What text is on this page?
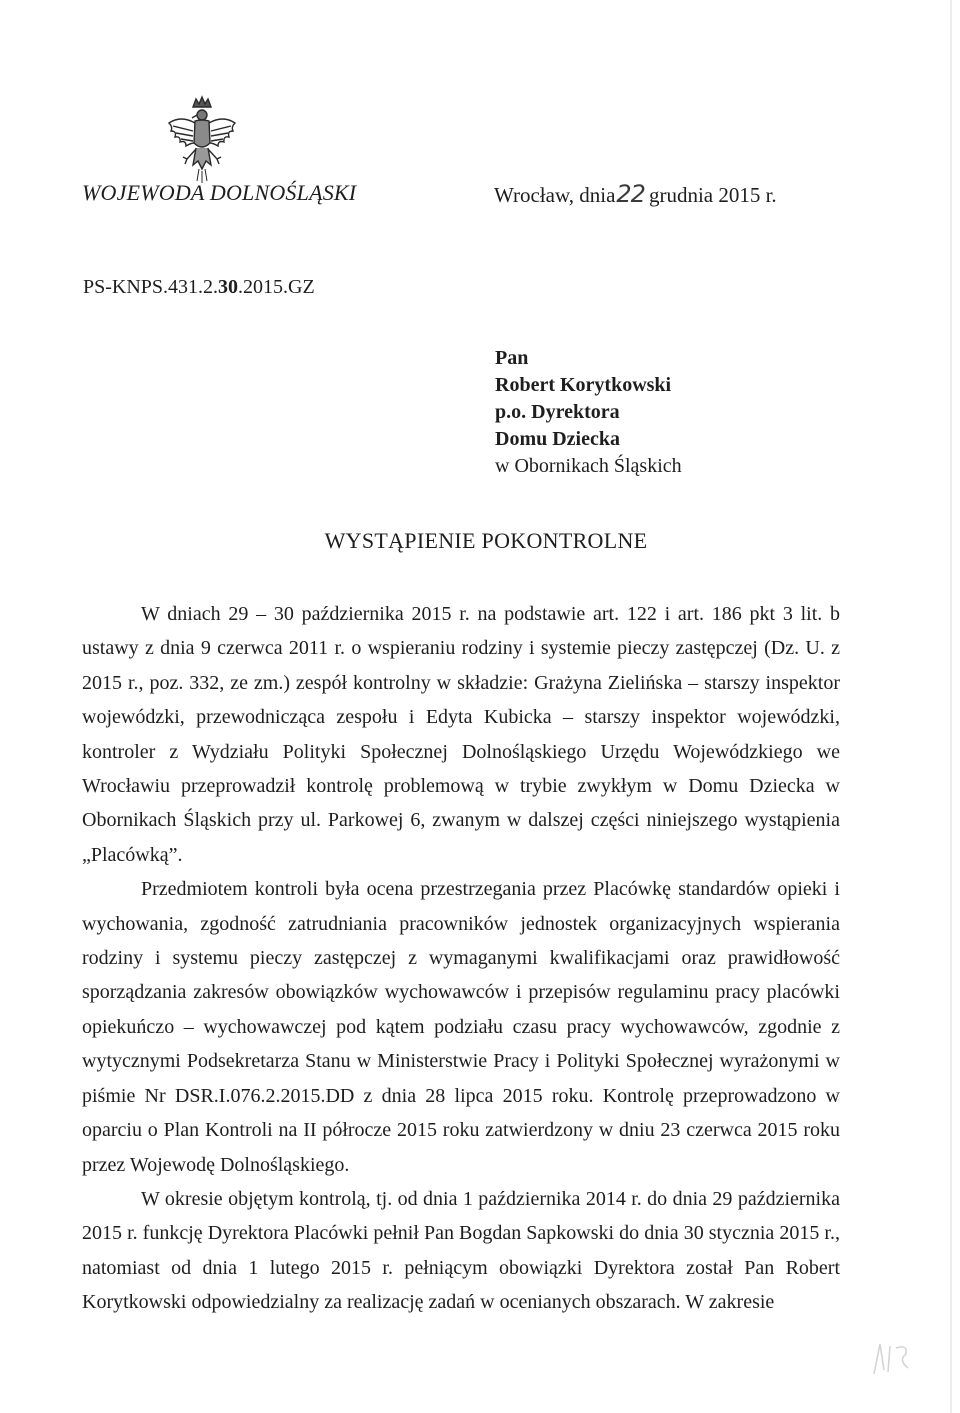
WOJEWODA DOLNOŚLĄSKI	Wrocław, dnia22 grudnia 2015 r.
PS-KNPS.431.2.30.2015.GZ
Pan
Robert Korytkowski
p.o. Dyrektora
Domu Dziecka
w Obornikach Śląskich
WYSTĄPIENIE POKONTROLNE

W dniach 29 – 30 października 2015 r. na podstawie art. 122 i art. 186 pkt 3 lit. b ustawy z dnia 9 czerwca 2011 r. o wspieraniu rodziny i systemie pieczy zastępczej (Dz. U. z 2015 r., poz. 332, ze zm.) zespół kontrolny w składzie: Grażyna Zielińska – starszy inspektor wojewódzki, przewodnicząca zespołu i Edyta Kubicka – starszy inspektor wojewódzki, kontroler z Wydziału Polityki Społecznej Dolnośląskiego Urzędu Wojewódzkiego we Wrocławiu przeprowadził kontrolę problemową w trybie zwykłym w Domu Dziecka w Obornikach Śląskich przy ul. Parkowej 6, zwanym w dalszej części niniejszego wystąpienia „Placówką”.

Przedmiotem kontroli była ocena przestrzegania przez Placówkę standardów opieki i wychowania, zgodność zatrudniania pracowników jednostek organizacyjnych wspierania rodziny i systemu pieczy zastępczej z wymaganymi kwalifikacjami oraz prawidłowość sporządzania zakresów obowiązków wychowawców i przepisów regulaminu pracy placówki opiekuńczo – wychowawczej pod kątem podziału czasu pracy wychowawców, zgodnie z wytycznymi Podsekretarza Stanu w Ministerstwie Pracy i Polityki Społecznej wyrażonymi w piśmie Nr DSR.I.076.2.2015.DD z dnia 28 lipca 2015 roku. Kontrolę przeprowadzono w oparciu o Plan Kontroli na II półrocze 2015 roku zatwierdzony w dniu 23 czerwca 2015 roku przez Wojewodę Dolnośląskiego.

W okresie objętym kontrolą, tj. od dnia 1 października 2014 r. do dnia 29 października 2015 r. funkcję Dyrektora Placówki pełnił Pan Bogdan Sapkowski do dnia 30 stycznia 2015 r., natomiast od dnia 1 lutego 2015 r. pełniącym obowiązki Dyrektora został Pan Robert Korytkowski odpowiedzialny za realizację zadań w ocenianych obszarach. W zakresie
